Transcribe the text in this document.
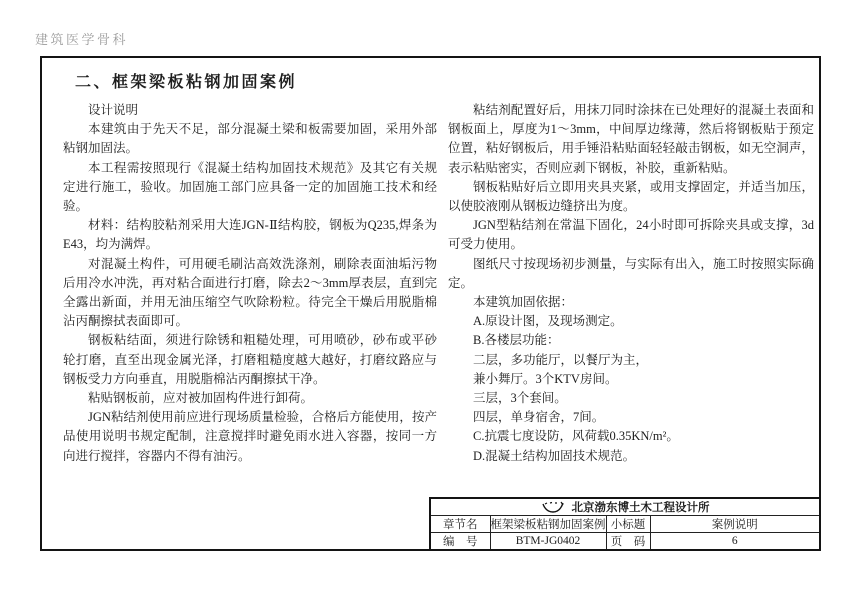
建筑医学骨科
二、框架梁板粘钢加固案例

设计说明

本建筑由于先天不足，部分混凝土梁和板需要加固，采用外部粘钢加固法。

本工程需按照现行《混凝土结构加固技术规范》及其它有关规定进行施工，验收。加固施工部门应具备一定的加固施工技术和经验。

材料：结构胶粘剂采用大连JGN-Ⅱ结构胶，钢板为Q235,焊条为E43，均为满焊。

对混凝土构件，可用硬毛刷沾高效洗涤剂，刷除表面油垢污物后用冷水冲洗，再对粘合面进行打磨，除去2～3mm厚表层，直到完全露出新面，并用无油压缩空气吹除粉粒。待完全干燥后用脱脂棉沾丙酮擦拭表面即可。

钢板粘结面，须进行除锈和粗糙处理，可用喷砂，砂布或平砂轮打磨，直至出现金属光泽，打磨粗糙度越大越好，打磨纹路应与钢板受力方向垂直，用脱脂棉沾丙酮擦拭干净。

粘贴钢板前，应对被加固构件进行卸荷。

JGN粘结剂使用前应进行现场质量检验，合格后方能使用，按产品使用说明书规定配制，注意搅拌时避免雨水进入容器，按同一方向进行搅拌，容器内不得有油污。

粘结剂配置好后，用抹刀同时涂抹在已处理好的混凝土表面和钢板面上，厚度为1～3mm，中间厚边缘薄，然后将钢板贴于预定位置，粘好钢板后，用手锤沿粘贴面轻轻敲击钢板，如无空洞声，表示粘贴密实，否则应剥下钢板，补胶，重新粘贴。

钢板粘贴好后立即用夹具夹紧，或用支撑固定，并适当加压，以使胶液刚从钢板边缝挤出为度。

JGN型粘结剂在常温下固化，24小时即可拆除夹具或支撑，3d可受力使用。

图纸尺寸按现场初步测量，与实际有出入，施工时按照实际确定。

本建筑加固依据：

A.原设计图，及现场测定。

B.各楼层功能：

二层，多功能厅，以餐厅为主，

兼小舞厅。3个KTV房间。

三层，3个套间。

四层，单身宿舍，7间。

C.抗震七度设防，风荷载0.35KN/m²。

D.混凝土结构加固技术规范。

北京渤东博土木工程设计所			
章节名	框架梁板粘钢加固案例	小标题	案例说明
编　号	BTM-JG0402	页　码	6
